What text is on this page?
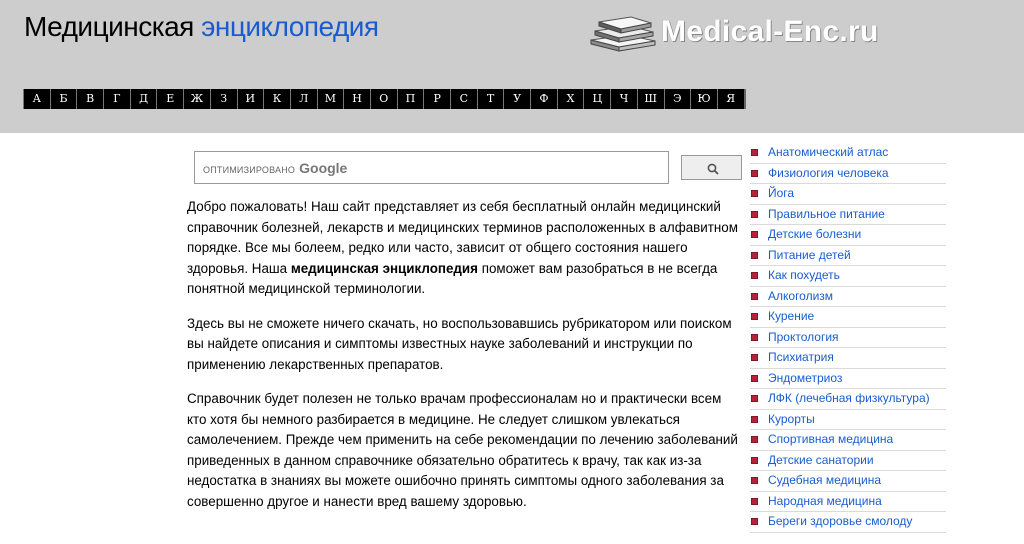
Медицинская энциклопедия	Medical-Enc.ru
А	Б	В	Г	Д	Е	Ж	З	И	К	Л	М	Н	О	П	Р	С	Т	У	Ф	Х	Ц	Ч	Ш	Э	Ю	Я
ОПТИМИЗИРОВАНО Google

Добро пожаловать! Наш сайт представляет из себя бесплатный онлайн медицинский справочник болезней, лекарств и медицинских терминов расположенных в алфавитном порядке. Все мы болеем, редко или часто, зависит от общего состояния нашего здоровья. Наша медицинская энциклопедия поможет вам разобраться в не всегда понятной медицинской терминологии.

Здесь вы не сможете ничего скачать, но воспользовавшись рубрикатором или поиском вы найдете описания и симптомы известных науке заболеваний и инструкции по применению лекарственных препаратов.

Справочник будет полезен не только врачам профессионалам но и практически всем кто хотя бы немного разбирается в медицине. Не следует слишком увлекаться самолечением. Прежде чем применить на себе рекомендации по лечению заболеваний приведенных в данном справочнике обязательно обратитесь к врачу, так как из-за недостатка в знаниях вы можете ошибочно принять симптомы одного заболевания за совершенно другое и нанести вред вашему здоровью.

Анатомический атлас
Физиология человека
Йога
Правильное питание
Детские болезни
Питание детей
Как похудеть
Алкоголизм
Курение
Проктология
Психиатрия
Эндометриоз
ЛФК (лечебная физкультура)
Курорты
Спортивная медицина
Детские санатории
Судебная медицина
Народная медицина
Береги здоровье смолоду
